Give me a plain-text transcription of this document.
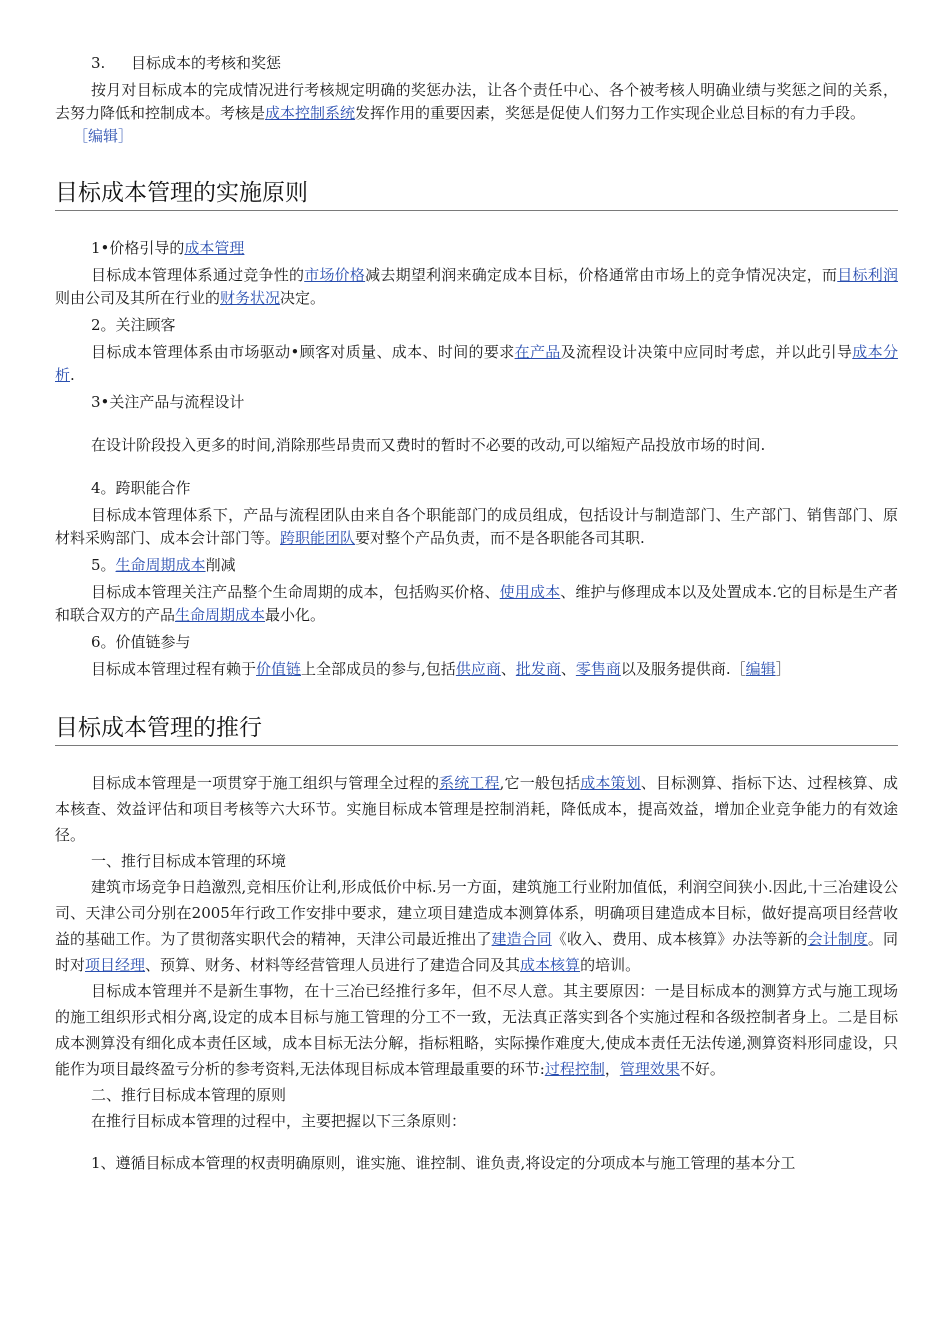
3. 目标成本的考核和奖惩

按月对目标成本的完成情况进行考核规定明确的奖惩办法，让各个责任中心、各个被考核人明确业绩与奖惩之间的关系，去努力降低和控制成本。考核是成本控制系统发挥作用的重要因素，奖惩是促使人们努力工作实现企业总目标的有力手段。

［编辑］

目标成本管理的实施原则

1•价格引导的成本管理

目标成本管理体系通过竞争性的市场价格减去期望利润来确定成本目标，价格通常由市场上的竞争情况决定，而目标利润则由公司及其所在行业的财务状况决定。

2。关注顾客

目标成本管理体系由市场驱动•顾客对质量、成本、时间的要求在产品及流程设计决策中应同时考虑，并以此引导成本分析.

3•关注产品与流程设计

在设计阶段投入更多的时间,消除那些昂贵而又费时的暂时不必要的改动,可以缩短产品投放市场的时间.

4。跨职能合作

目标成本管理体系下，产品与流程团队由来自各个职能部门的成员组成，包括设计与制造部门、生产部门、销售部门、原材料采购部门、成本会计部门等。跨职能团队要对整个产品负责，而不是各职能各司其职.

5。生命周期成本削减

目标成本管理关注产品整个生命周期的成本，包括购买价格、使用成本、维护与修理成本以及处置成本.它的目标是生产者和联合双方的产品生命周期成本最小化。

6。价值链参与

目标成本管理过程有赖于价值链上全部成员的参与,包括供应商、批发商、零售商以及服务提供商.［编辑］

目标成本管理的推行

目标成本管理是一项贯穿于施工组织与管理全过程的系统工程,它一般包括成本策划、目标测算、指标下达、过程核算、成本核查、效益评估和项目考核等六大环节。实施目标成本管理是控制消耗，降低成本，提高效益，增加企业竞争能力的有效途径。

一、推行目标成本管理的环境

建筑市场竞争日趋激烈,竞相压价让利,形成低价中标.另一方面，建筑施工行业附加值低，利润空间狭小.因此,十三冶建设公司、天津公司分别在2005年行政工作安排中要求，建立项目建造成本测算体系，明确项目建造成本目标，做好提高项目经营收益的基础工作。为了贯彻落实职代会的精神，天津公司最近推出了建造合同《收入、费用、成本核算》办法等新的会计制度。同时对项目经理、预算、财务、材料等经营管理人员进行了建造合同及其成本核算的培训。

目标成本管理并不是新生事物，在十三冶已经推行多年，但不尽人意。其主要原因：一是目标成本的测算方式与施工现场的施工组织形式相分离,设定的成本目标与施工管理的分工不一致，无法真正落实到各个实施过程和各级控制者身上。二是目标成本测算没有细化成本责任区域，成本目标无法分解，指标粗略，实际操作难度大,使成本责任无法传递,测算资料形同虚设，只能作为项目最终盈亏分析的参考资料,无法体现目标成本管理最重要的环节:过程控制，管理效果不好。

二、推行目标成本管理的原则

在推行目标成本管理的过程中，主要把握以下三条原则：

1、遵循目标成本管理的权责明确原则，谁实施、谁控制、谁负责,将设定的分项成本与施工管理的基本分工
